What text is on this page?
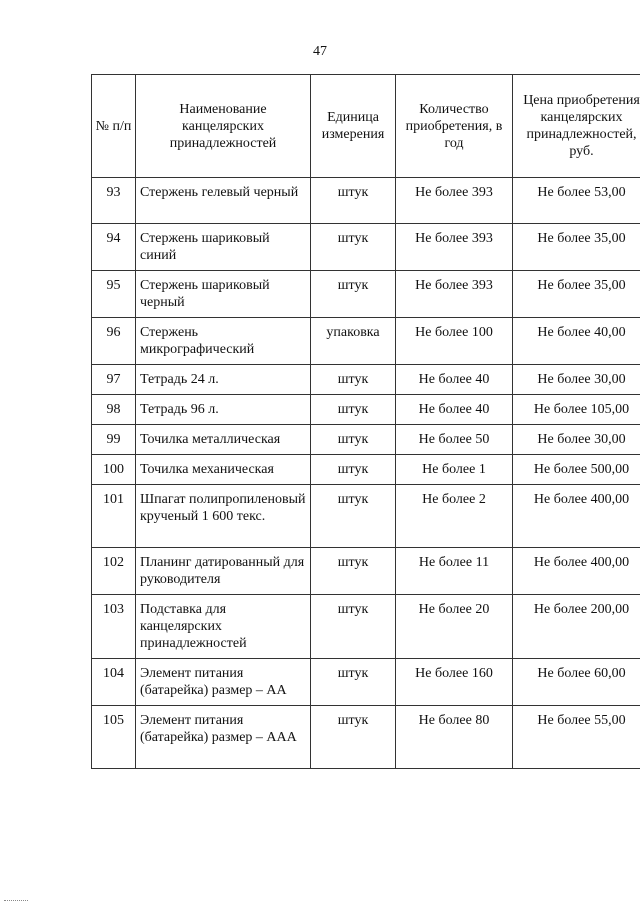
47
№ п/п	Наименование канцелярских принадлежностей	Единица измерения	Количество приобретения, в год	Цена приобретения канцелярских принадлежностей, руб.
93	Стержень гелевый черный	штук	Не более 393	Не более 53,00
94	Стержень шариковый синий	штук	Не более 393	Не более 35,00
95	Стержень шариковый черный	штук	Не более 393	Не более 35,00
96	Стержень микрографический	упаковка	Не более 100	Не более 40,00
97	Тетрадь 24 л.	штук	Не более 40	Не более 30,00
98	Тетрадь 96 л.	штук	Не более 40	Не более 105,00
99	Точилка металлическая	штук	Не более 50	Не более 30,00
100	Точилка механическая	штук	Не более 1	Не более 500,00
101	Шпагат полипропиленовый крученый 1 600 текс.	штук	Не более 2	Не более 400,00
102	Планинг датированный для руководителя	штук	Не более 11	Не более 400,00
103	Подставка для канцелярских принадлежностей	штук	Не более 20	Не более 200,00
104	Элемент питания (батарейка) размер – АА	штук	Не более 160	Не более 60,00
105	Элемент питания (батарейка) размер – ААА	штук	Не более 80	Не более 55,00
